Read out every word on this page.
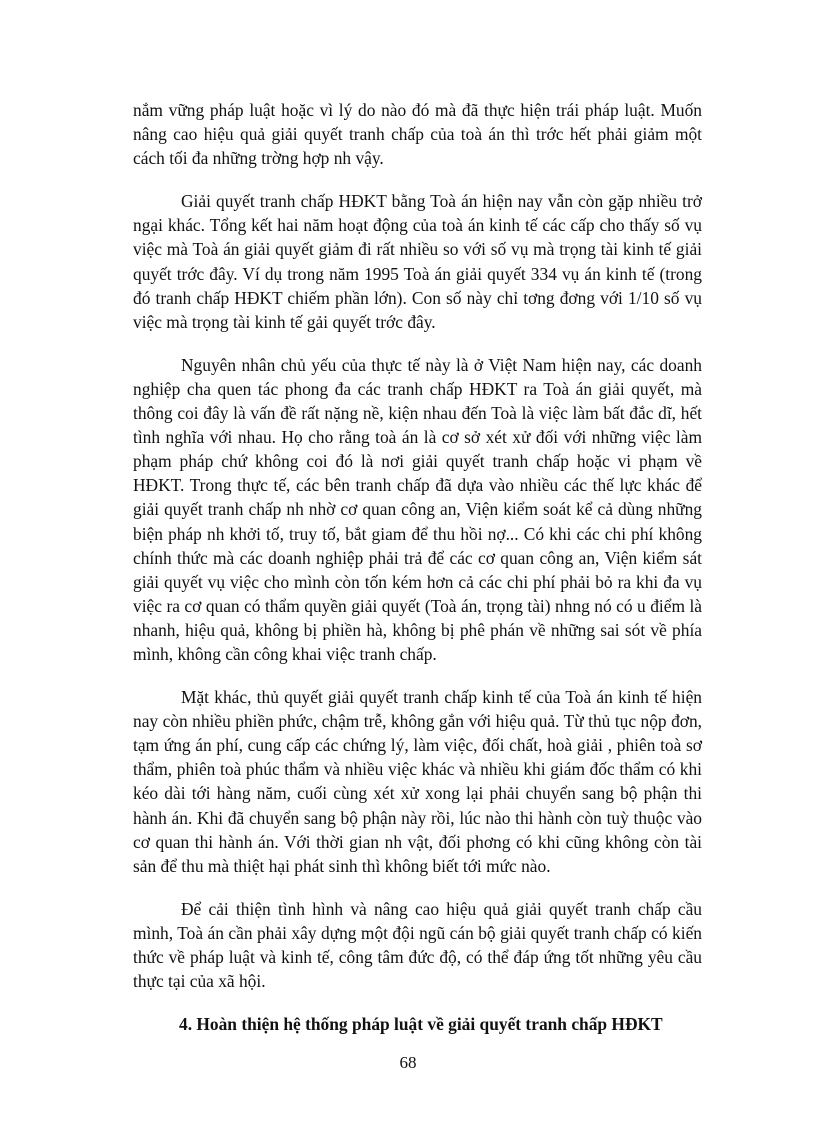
nắm vững pháp luật hoặc vì lý do nào đó mà đã thực hiện trái pháp luật. Muốn nâng cao hiệu quả giải quyết tranh chấp của toà án thì trớc hết phải giảm một cách tối đa những trờng hợp nh vậy.

Giải quyết tranh chấp HĐKT bằng Toà án hiện nay vẫn còn gặp nhiều trở ngại khác. Tổng kết hai năm hoạt động của toà án kinh tế các cấp cho thấy số vụ việc mà Toà án giải quyết giảm đi rất nhiều so với số vụ mà trọng tài kinh tế giải quyết trớc đây. Ví dụ trong năm 1995 Toà án giải quyết 334 vụ án kinh tế (trong đó tranh chấp HĐKT chiếm phần lớn). Con số này chỉ tơng đơng với 1/10 số vụ việc mà trọng tài kinh tế gải quyết trớc đây.

Nguyên nhân chủ yếu của thực tế này là ở Việt Nam hiện nay, các doanh nghiệp cha quen tác phong đa các tranh chấp HĐKT ra Toà án giải quyết, mà thông coi đây là vấn đề rất nặng nề, kiện nhau đến Toà là việc làm bất đắc dĩ, hết tình nghĩa với nhau. Họ cho rằng toà án là cơ sở xét xử đối với những việc làm phạm pháp chứ không coi đó là nơi giải quyết tranh chấp hoặc vi phạm về HĐKT. Trong thực tế, các bên tranh chấp đã dựa vào nhiều các thế lực khác để giải quyết tranh chấp nh nhờ cơ quan công an, Viện kiểm soát kể cả dùng những biện pháp nh khởi tố, truy tố, bắt giam để thu hồi nợ... Có khi các chi phí không chính thức mà các doanh nghiệp phải trả để các cơ quan công an, Viện kiểm sát giải quyết vụ việc cho mình còn tốn kém hơn cả các chi phí phải bỏ ra khi đa vụ việc ra cơ quan có thẩm quyền giải quyết (Toà án, trọng tài) nhng nó có u điểm là nhanh, hiệu quả, không bị phiền hà, không bị phê phán về những sai sót về phía mình, không cần công khai việc tranh chấp.

Mặt khác, thủ quyết giải quyết tranh chấp kinh tế của Toà án kinh tế hiện nay còn nhiều phiền phức, chậm trễ, không gắn với hiệu quả. Từ thủ tục nộp đơn, tạm ứng án phí, cung cấp các chứng lý, làm việc, đối chất, hoà giải , phiên toà sơ thẩm, phiên toà phúc thẩm và nhiều việc khác và nhiều khi giám đốc thẩm có khi kéo dài tới hàng năm, cuối cùng xét xử xong lại phải chuyển sang bộ phận thi hành án. Khi đã chuyển sang bộ phận này rồi, lúc nào thi hành còn tuỳ thuộc vào cơ quan thi hành án. Với thời gian nh vật, đối phơng có khi cũng không còn tài sản để thu mà thiệt hại phát sinh thì không biết tới mức nào.

Để cải thiện tình hình và nâng cao hiệu quả giải quyết tranh chấp cầu mình, Toà án cần phải xây dựng một đội ngũ cán bộ giải quyết tranh chấp có kiến thức về pháp luật và kinh tế, công tâm đức độ, có thể đáp ứng tốt những yêu cầu thực tại của xã hội.

4. Hoàn thiện hệ thống pháp luật về giải quyết tranh chấp HĐKT
68
